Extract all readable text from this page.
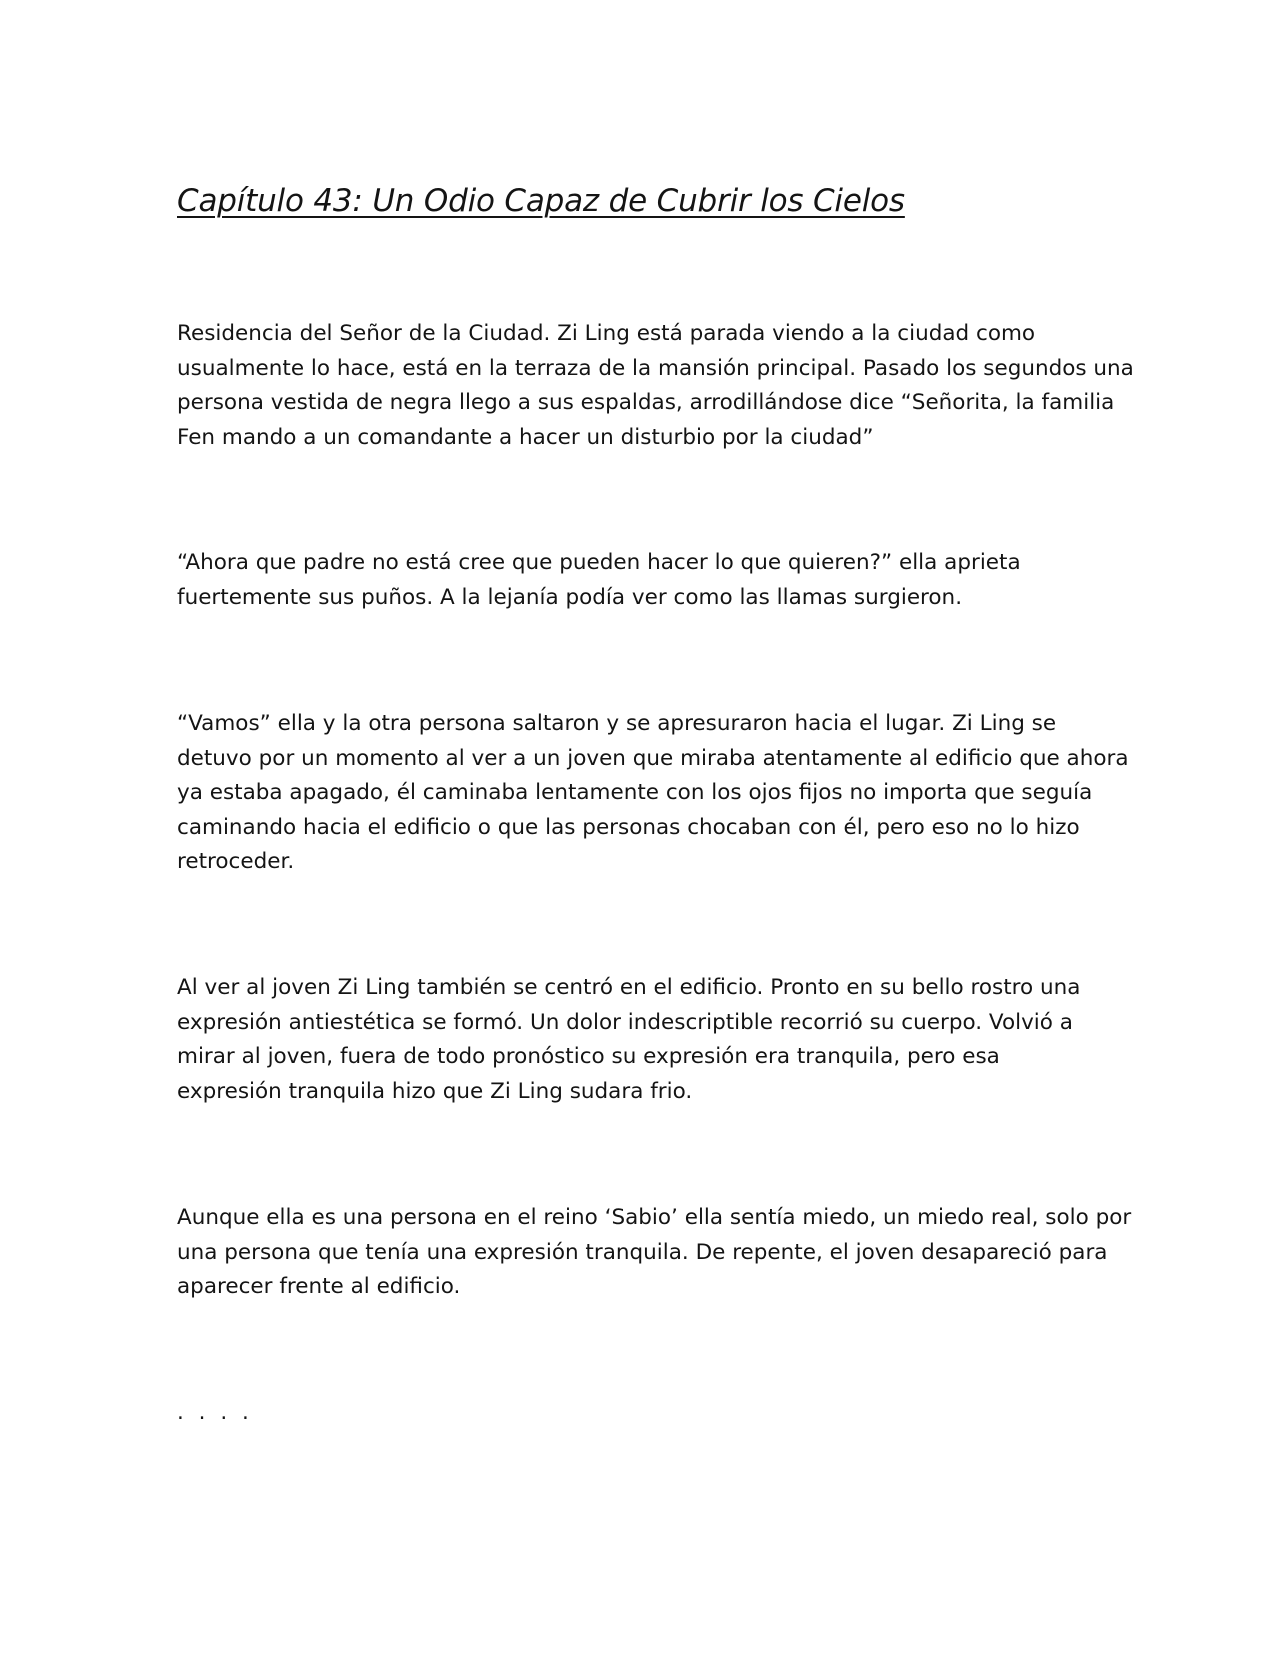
Capítulo 43: Un Odio Capaz de Cubrir los Cielos

Residencia del Señor de la Ciudad. Zi Ling está parada viendo a la ciudad como
usualmente lo hace, está en la terraza de la mansión principal. Pasado los segundos una
persona vestida de negra llego a sus espaldas, arrodillándose dice “Señorita, la familia
Fen mando a un comandante a hacer un disturbio por la ciudad”

“Ahora que padre no está cree que pueden hacer lo que quieren?” ella aprieta
fuertemente sus puños. A la lejanía podía ver como las llamas surgieron.

“Vamos” ella y la otra persona saltaron y se apresuraron hacia el lugar. Zi Ling se
detuvo por un momento al ver a un joven que miraba atentamente al edificio que ahora
ya estaba apagado, él caminaba lentamente con los ojos fijos no importa que seguía
caminando hacia el edificio o que las personas chocaban con él, pero eso no lo hizo
retroceder.

Al ver al joven Zi Ling también se centró en el edificio. Pronto en su bello rostro una
expresión antiestética se formó. Un dolor indescriptible recorrió su cuerpo. Volvió a
mirar al joven, fuera de todo pronóstico su expresión era tranquila, pero esa
expresión tranquila hizo que Zi Ling sudara frio.

Aunque ella es una persona en el reino ‘Sabio’ ella sentía miedo, un miedo real, solo por
una persona que tenía una expresión tranquila. De repente, el joven desapareció para
aparecer frente al edificio.

. . . .
